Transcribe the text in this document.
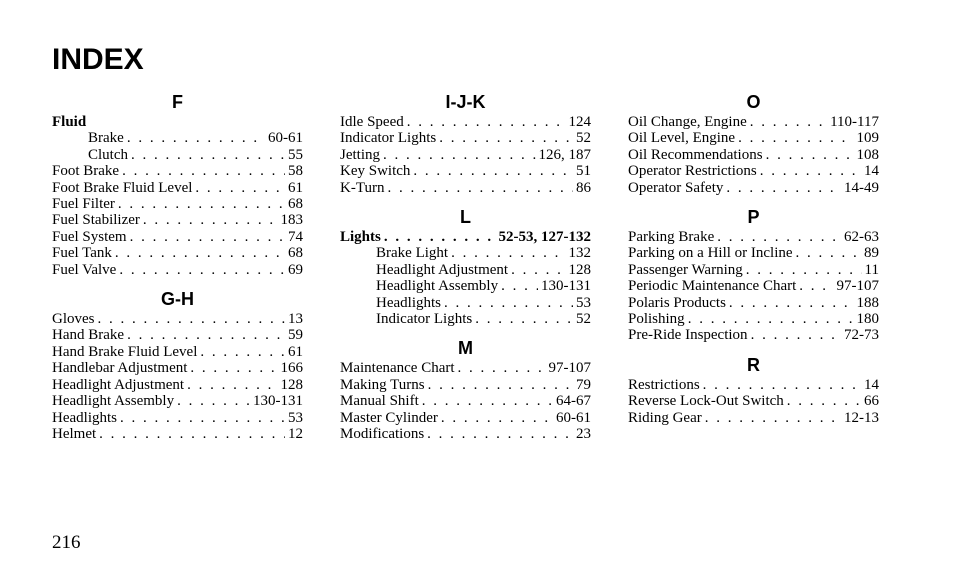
INDEX
F
Fluid
Brake . . .	60-61
Clutch . . .	55
Foot Brake . . .	58
Foot Brake Fluid Level . . .	61
Fuel Filter . . .	68
Fuel Stabilizer . . .	183
Fuel System . . .	74
Fuel Tank . . .	68
Fuel Valve . . .	69
G-H
Gloves . . .	13
Hand Brake . . .	59
Hand Brake Fluid Level . . .	61
Handlebar Adjustment . . .	166
Headlight Adjustment . . .	128
Headlight Assembly . . .	130-131
Headlights . . .	53
Helmet . . .	12
I-J-K
Idle Speed . . .	124
Indicator Lights . . .	52
Jetting . . .	126, 187
Key Switch . . .	51
K-Turn . . .	86
L
Lights . . .	52-53, 127-132
Brake Light . . .	132
Headlight Adjustment . . .	128
Headlight Assembly . . .	130-131
Headlights . . .	53
Indicator Lights . . .	52
M
Maintenance Chart . . .	97-107
Making Turns . . .	79
Manual Shift . . .	64-67
Master Cylinder . . .	60-61
Modifications . . .	23
O
Oil Change, Engine . . .	110-117
Oil Level, Engine . . .	109
Oil Recommendations . . .	108
Operator Restrictions . . .	14
Operator Safety . . .	14-49
P
Parking Brake . . .	62-63
Parking on a Hill or Incline . . .	89
Passenger Warning . . .	11
Periodic Maintenance Chart . . .	97-107
Polaris Products . . .	188
Polishing . . .	180
Pre-Ride Inspection . . .	72-73
R
Restrictions . . .	14
Reverse Lock-Out Switch . . .	66
Riding Gear . . .	12-13
216
